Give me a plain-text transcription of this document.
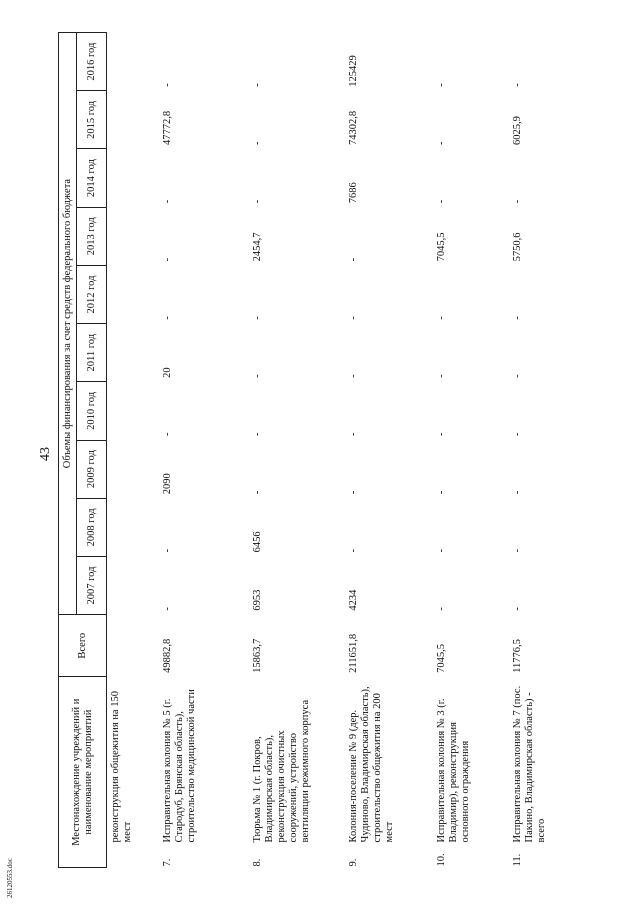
43
26120553.doc
Местонахождение учреждений и наименование мероприятий		Всего	Объемы финансирования за счет средств федерального бюджета									
			2007 год	2008 год	2009 год	2010 год	2011 год	2012 год	2013 год	2014 год	2015 год	2016 год
	реконструкция общежития на 150 мест											
7.	Исправительная колония № 5 (г. Стародуб, Брянская область), строительство медицинской части	49882,8	-	-	2090	-	20	-	-	-	47772,8	-
8.	Тюрьма № 1 (г. Покров, Владимирская область), реконструкция очистных сооружений, устройство вентиляции режимного корпуса	15863,7	6953	6456	-	-	-	-	2454,7	-	-	-
9.	Колония-поселение № 9 (дер. Чудиново, Владимирская область), строительство общежития на 200 мест	211651,8	4234	-	-	-	-	-	-	7686	74302,8	125429
10.	Исправительная колония № 3 (г. Владимир), реконструкция основного ограждения	7045,5	-	-	-	-	-	-	7045,5	-	-	-
11.	Исправительная колония № 7 (пос. Пакино, Владимирская область) - всего	11776,5	-	-	-	-	-	-	5750,6	-	6025,9	-
